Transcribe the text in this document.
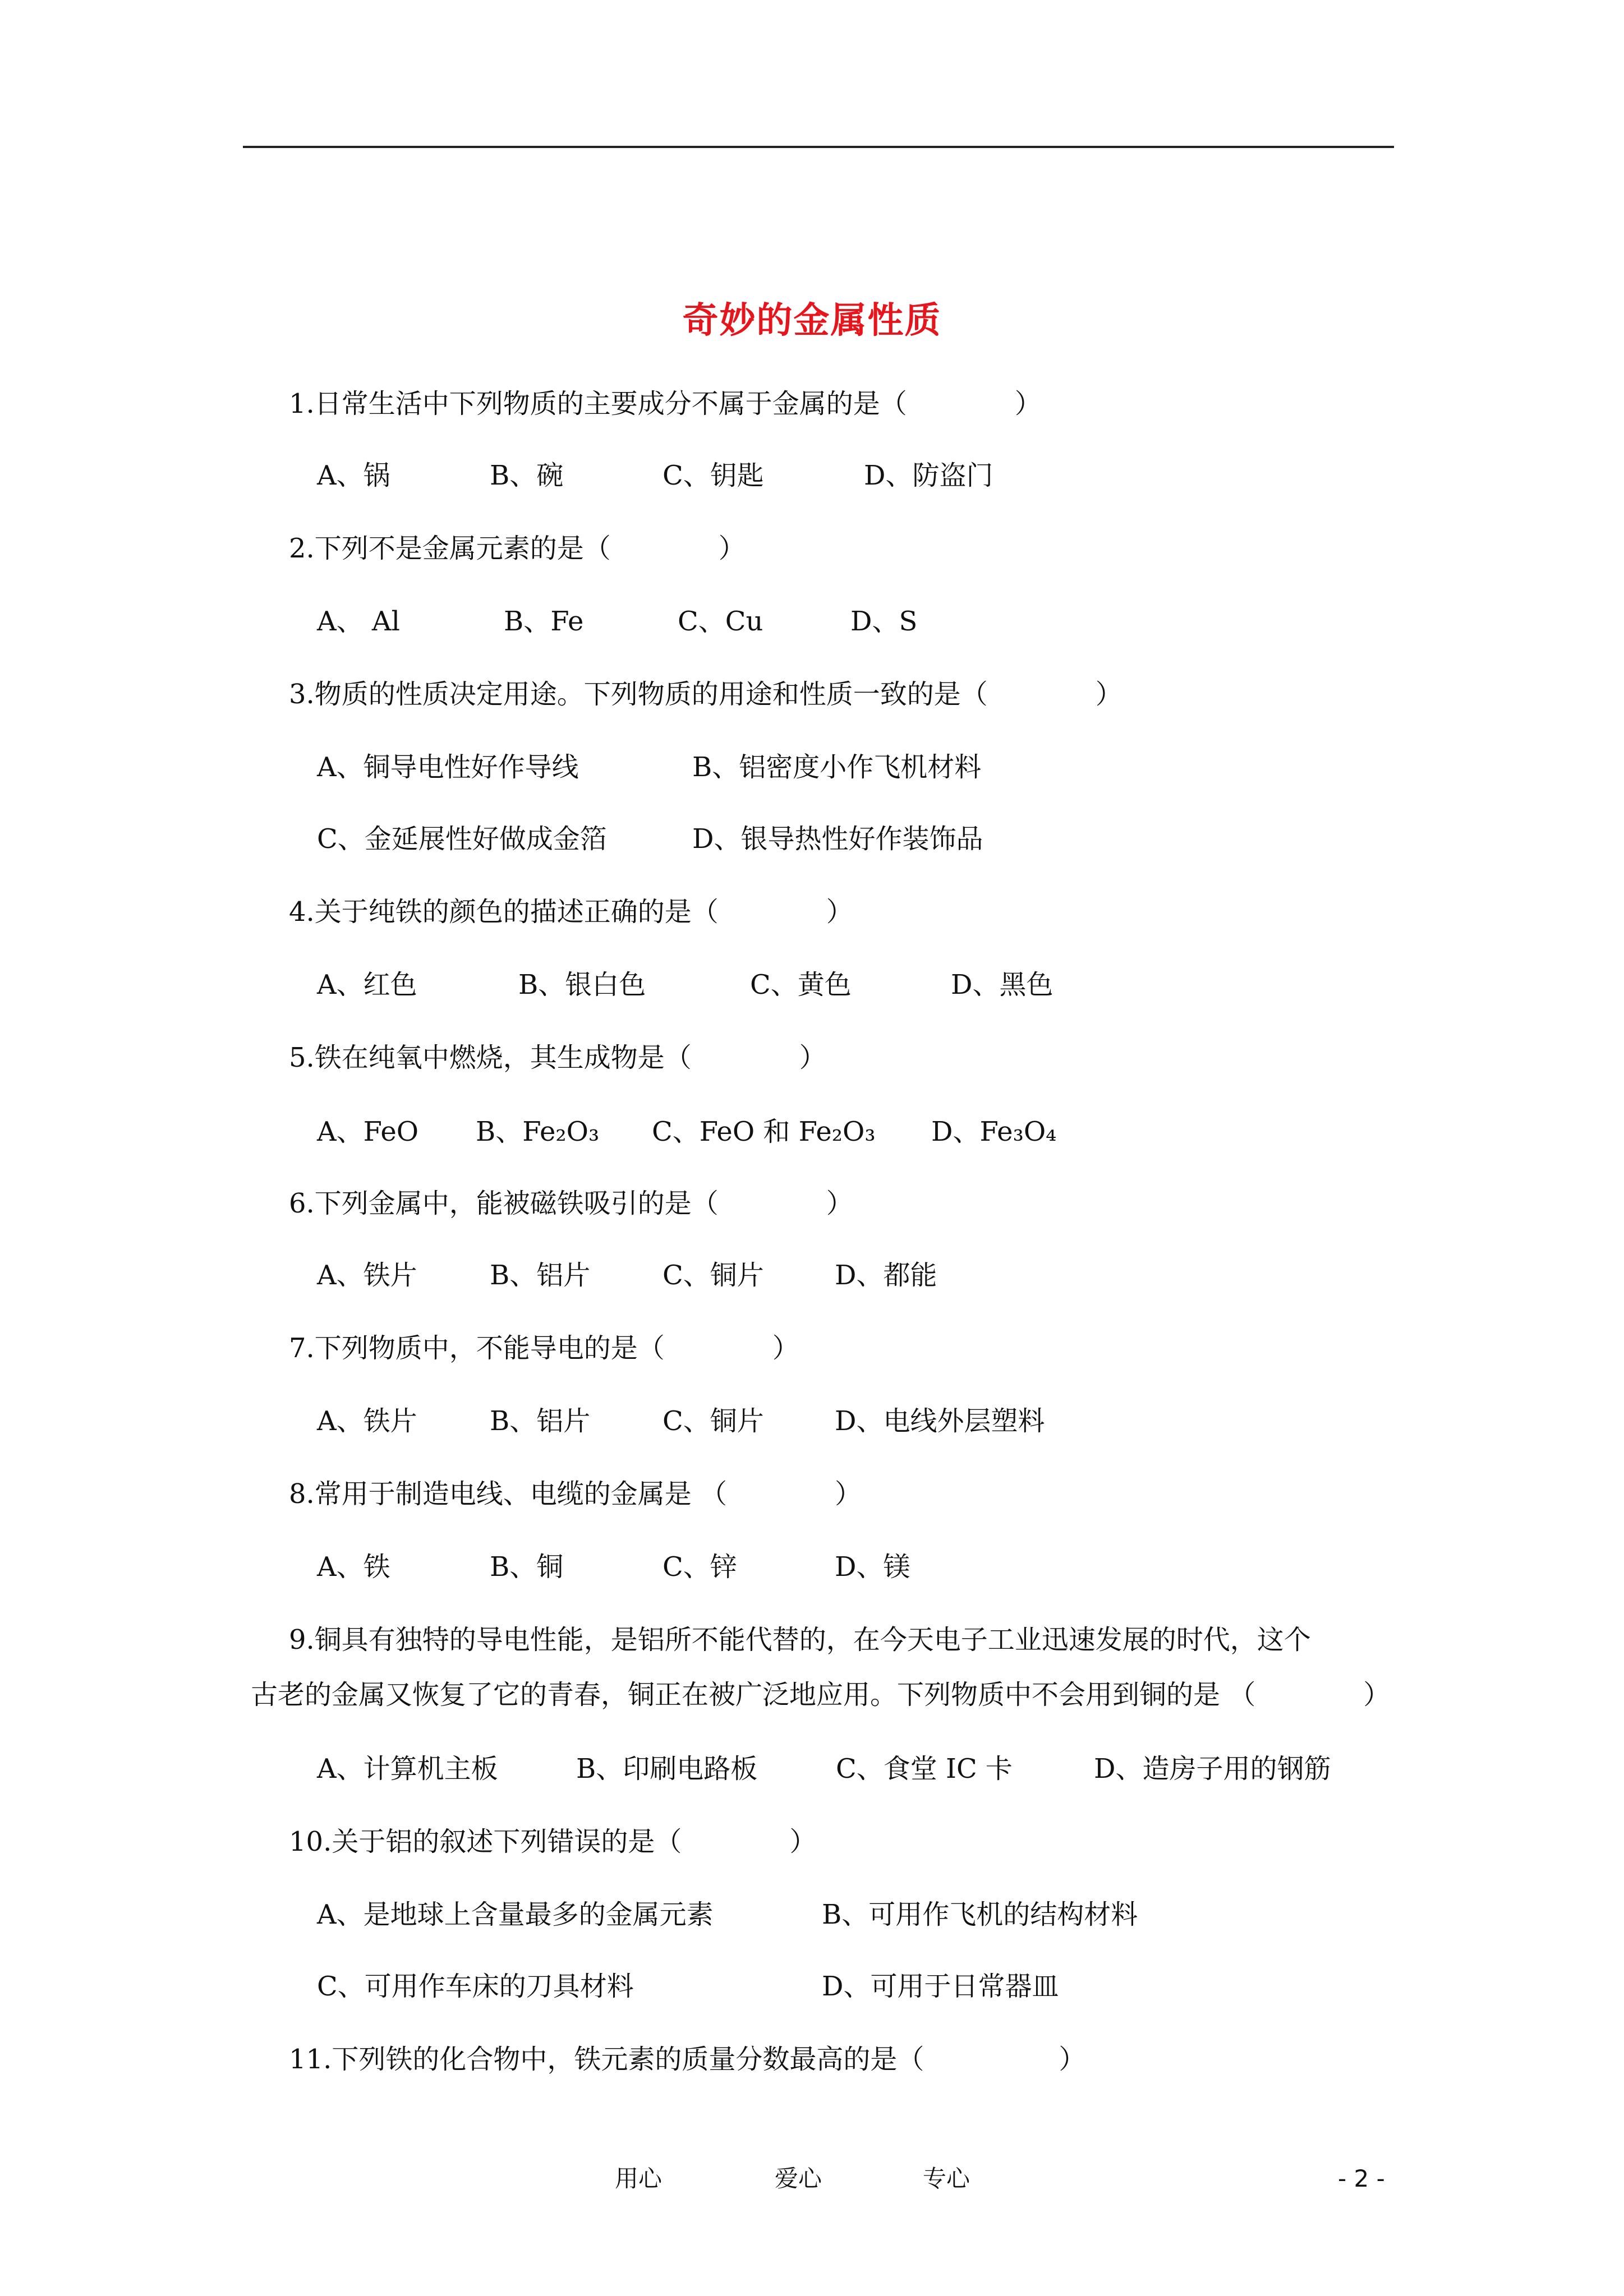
奇妙的金属性质
1.日常生活中下列物质的主要成分不属于金属的是（　　　　）
A、锅	B、碗	C、钥匙	D、防盗门
2.下列不是金属元素的是（　　　　）
A、 Al	B、Fe	C、Cu	D、S
3.物质的性质决定用途。下列物质的用途和性质一致的是（　　　　）
A、铜导电性好作导线	B、铝密度小作飞机材料
C、金延展性好做成金箔	D、银导热性好作装饰品
4.关于纯铁的颜色的描述正确的是（　　　　）
A、红色	B、银白色	C、黄色	D、黑色
5.铁在纯氧中燃烧，其生成物是（　　　　）
A、FeO B、Fe₂O₃ C、FeO 和 Fe₂O₃ D、Fe₃O₄
6.下列金属中，能被磁铁吸引的是（　　　　）
A、铁片	B、铝片	C、铜片	D、都能
7.下列物质中，不能导电的是（　　　　）
A、铁片	B、铝片	C、铜片	D、电线外层塑料
8.常用于制造电线、电缆的金属是 （　　　　）
A、铁	B、铜	C、锌	D、镁
9.铜具有独特的导电性能，是铝所不能代替的，在今天电子工业迅速发展的时代，这个
古老的金属又恢复了它的青春，铜正在被广泛地应用。下列物质中不会用到铜的是 （　　　　）
A、计算机主板	B、印刷电路板	C、食堂 IC 卡	D、造房子用的钢筋
10.关于铝的叙述下列错误的是（　　　　）
A、是地球上含量最多的金属元素	B、可用作飞机的结构材料
C、可用作车床的刀具材料	D、可用于日常器皿
11.下列铁的化合物中，铁元素的质量分数最高的是（　　　　　）
用心	爱心	专心	- 2 -
